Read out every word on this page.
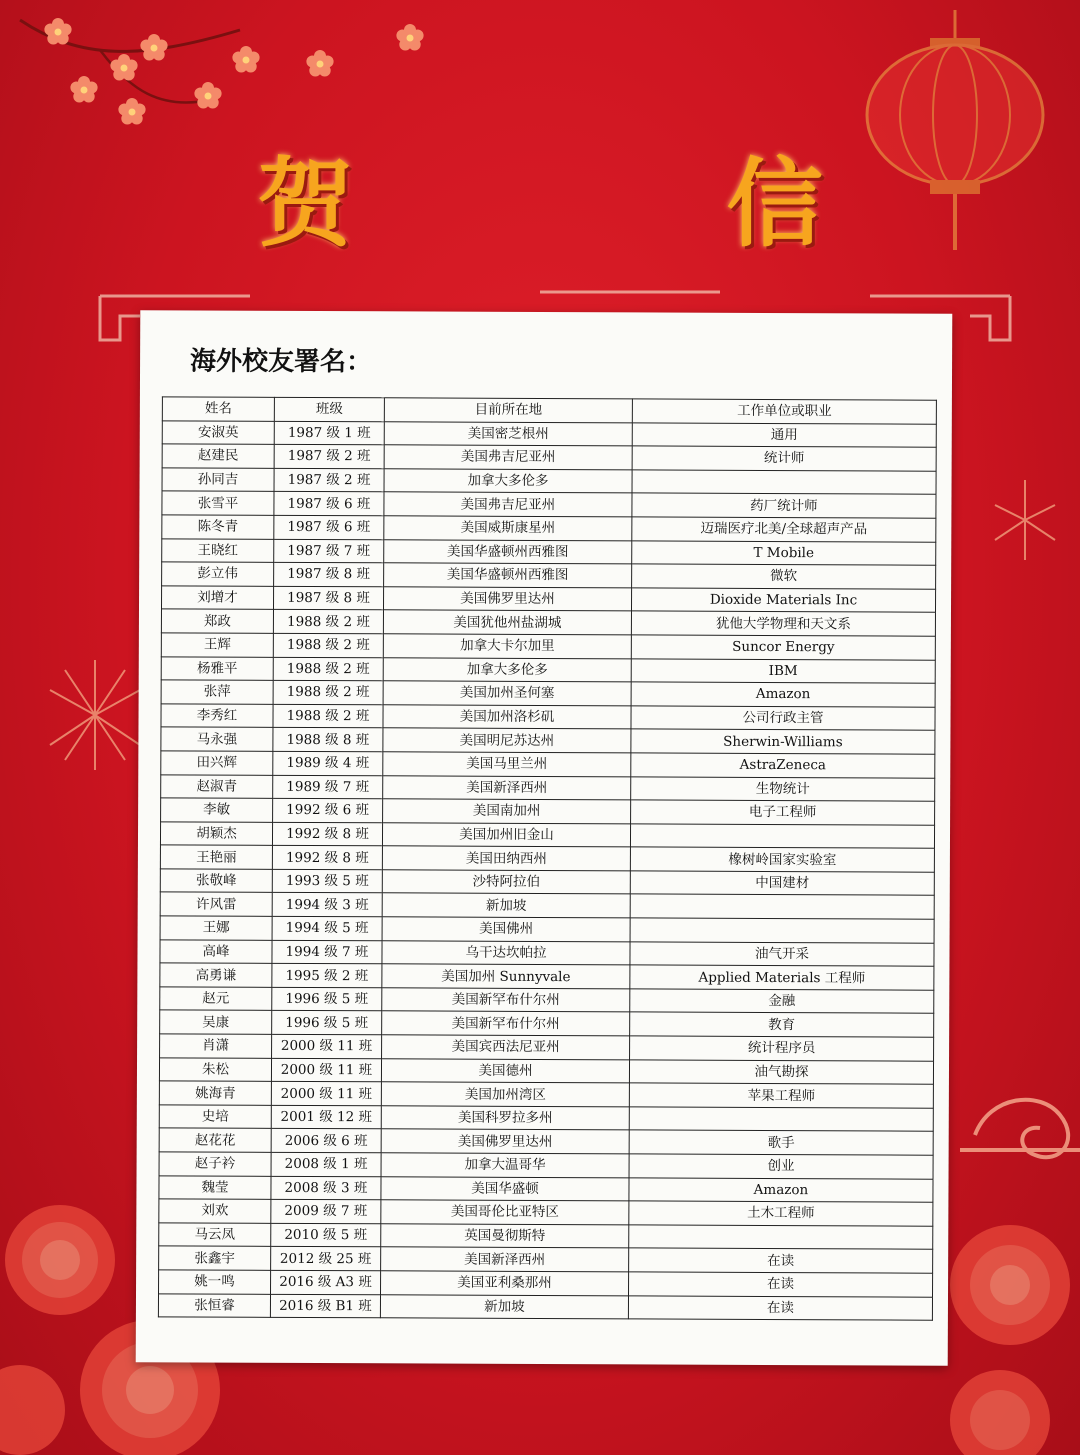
贺 信
海外校友署名：
姓名	班级	目前所在地	工作单位或职业
安淑英	1987 级 1 班	美国密芝根州	通用
赵建民	1987 级 2 班	美国弗吉尼亚州	统计师
孙同吉	1987 级 2 班	加拿大多伦多	
张雪平	1987 级 6 班	美国弗吉尼亚州	药厂统计师
陈冬青	1987 级 6 班	美国威斯康星州	迈瑞医疗北美/全球超声产品
王晓红	1987 级 7 班	美国华盛顿州西雅图	T Mobile
彭立伟	1987 级 8 班	美国华盛顿州西雅图	微软
刘增才	1987 级 8 班	美国佛罗里达州	Dioxide Materials Inc
郑政	1988 级 2 班	美国犹他州盐湖城	犹他大学物理和天文系
王辉	1988 级 2 班	加拿大卡尔加里	Suncor Energy
杨雅平	1988 级 2 班	加拿大多伦多	IBM
张萍	1988 级 2 班	美国加州圣何塞	Amazon
李秀红	1988 级 2 班	美国加州洛杉矶	公司行政主管
马永强	1988 级 8 班	美国明尼苏达州	Sherwin-Williams
田兴辉	1989 级 4 班	美国马里兰州	AstraZeneca
赵淑青	1989 级 7 班	美国新泽西州	生物统计
李敏	1992 级 6 班	美国南加州	电子工程师
胡颖杰	1992 级 8 班	美国加州旧金山	
王艳丽	1992 级 8 班	美国田纳西州	橡树岭国家实验室
张敬峰	1993 级 5 班	沙特阿拉伯	中国建材
许风雷	1994 级 3 班	新加坡	
王娜	1994 级 5 班	美国佛州	
高峰	1994 级 7 班	乌干达坎帕拉	油气开采
高勇谦	1995 级 2 班	美国加州 Sunnyvale	Applied Materials 工程师
赵元	1996 级 5 班	美国新罕布什尔州	金融
吴康	1996 级 5 班	美国新罕布什尔州	教育
肖潇	2000 级 11 班	美国宾西法尼亚州	统计程序员
朱松	2000 级 11 班	美国德州	油气勘探
姚海青	2000 级 11 班	美国加州湾区	苹果工程师
史培	2001 级 12 班	美国科罗拉多州	
赵花花	2006 级 6 班	美国佛罗里达州	歌手
赵子衿	2008 级 1 班	加拿大温哥华	创业
魏莹	2008 级 3 班	美国华盛顿	Amazon
刘欢	2009 级 7 班	美国哥伦比亚特区	土木工程师
马云凤	2010 级 5 班	英国曼彻斯特	
张鑫宇	2012 级 25 班	美国新泽西州	在读
姚一鸣	2016 级 A3 班	美国亚利桑那州	在读
张恒睿	2016 级 B1 班	新加坡	在读
